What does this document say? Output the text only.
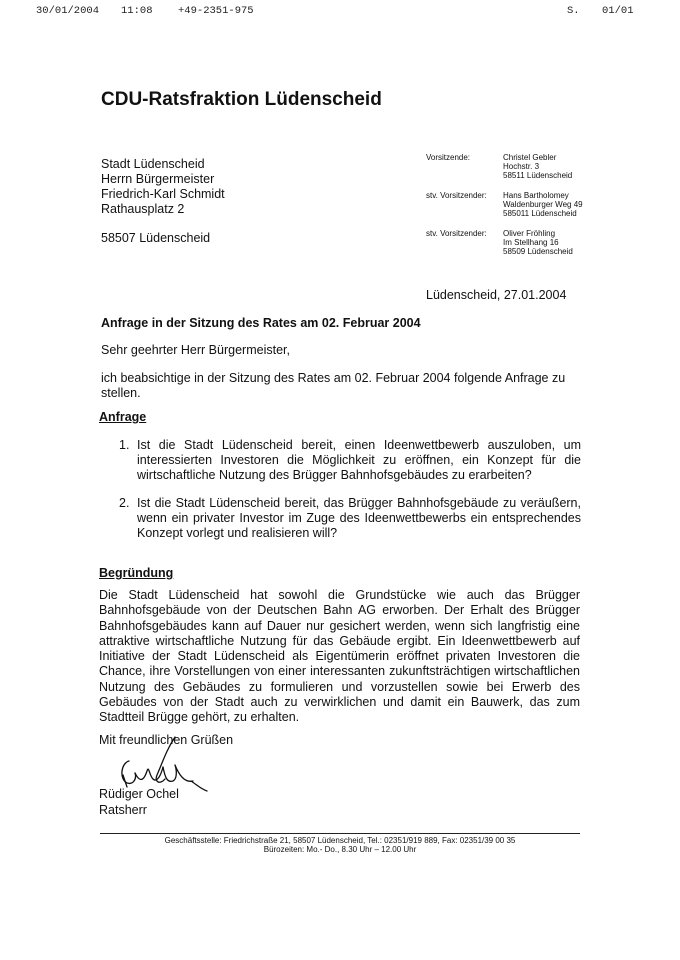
30/01/2004 11:08 +49-2351-975	S. 01/01
CDU-Ratsfraktion Lüdenscheid
Stadt Lüdenscheid
Herrn Bürgermeister
Friedrich-Karl Schmidt
Rathausplatz 2
58507 Lüdenscheid
Vorsitzende:	Christel Gebler
Hochstr. 3
58511 Lüdenscheid
stv. Vorsitzender: Hans Bartholomey
Waldenburger Weg 49
585011 Lüdenscheid
stv. Vorsitzender: Oliver Fröhling
Im Stellhang 16
58509 Lüdenscheid
Lüdenscheid, 27.01.2004
Anfrage in der Sitzung des Rates am 02. Februar 2004
Sehr geehrter Herr Bürgermeister,
ich beabsichtige in der Sitzung des Rates am 02. Februar 2004 folgende Anfrage zu stellen.
Anfrage
1. Ist die Stadt Lüdenscheid bereit, einen Ideenwettbewerb auszuloben, um interessierten Investoren die Möglichkeit zu eröffnen, ein Konzept für die wirtschaftliche Nutzung des Brügger Bahnhofsgebäudes zu erarbeiten?
2. Ist die Stadt Lüdenscheid bereit, das Brügger Bahnhofsgebäude zu veräußern, wenn ein privater Investor im Zuge des Ideenwettbewerbs ein entsprechendes Konzept vorlegt und realisieren will?
Begründung
Die Stadt Lüdenscheid hat sowohl die Grundstücke wie auch das Brügger Bahnhofsgebäude von der Deutschen Bahn AG erworben. Der Erhalt des Brügger Bahnhofsgebäudes kann auf Dauer nur gesichert werden, wenn sich langfristig eine attraktive wirtschaftliche Nutzung für das Gebäude ergibt. Ein Ideenwettbewerb auf Initiative der Stadt Lüdenscheid als Eigentümerin eröffnet privaten Investoren die Chance, ihre Vorstellungen von einer interessanten zukunftsträchtigen wirtschaftlichen Nutzung des Gebäudes zu formulieren und vorzustellen sowie bei Erwerb des Gebäudes von der Stadt auch zu verwirklichen und damit ein Bauwerk, das zum Stadtteil Brügge gehört, zu erhalten.
Mit freundlichen Grüßen
Rüdiger Ochel
Ratsherr
Geschäftsstelle: Friedrichstraße 21, 58507 Lüdenscheid, Tel.: 02351/919 889, Fax: 02351/39 00 35
Bürozeiten: Mo.- Do., 8.30 Uhr – 12.00 Uhr
